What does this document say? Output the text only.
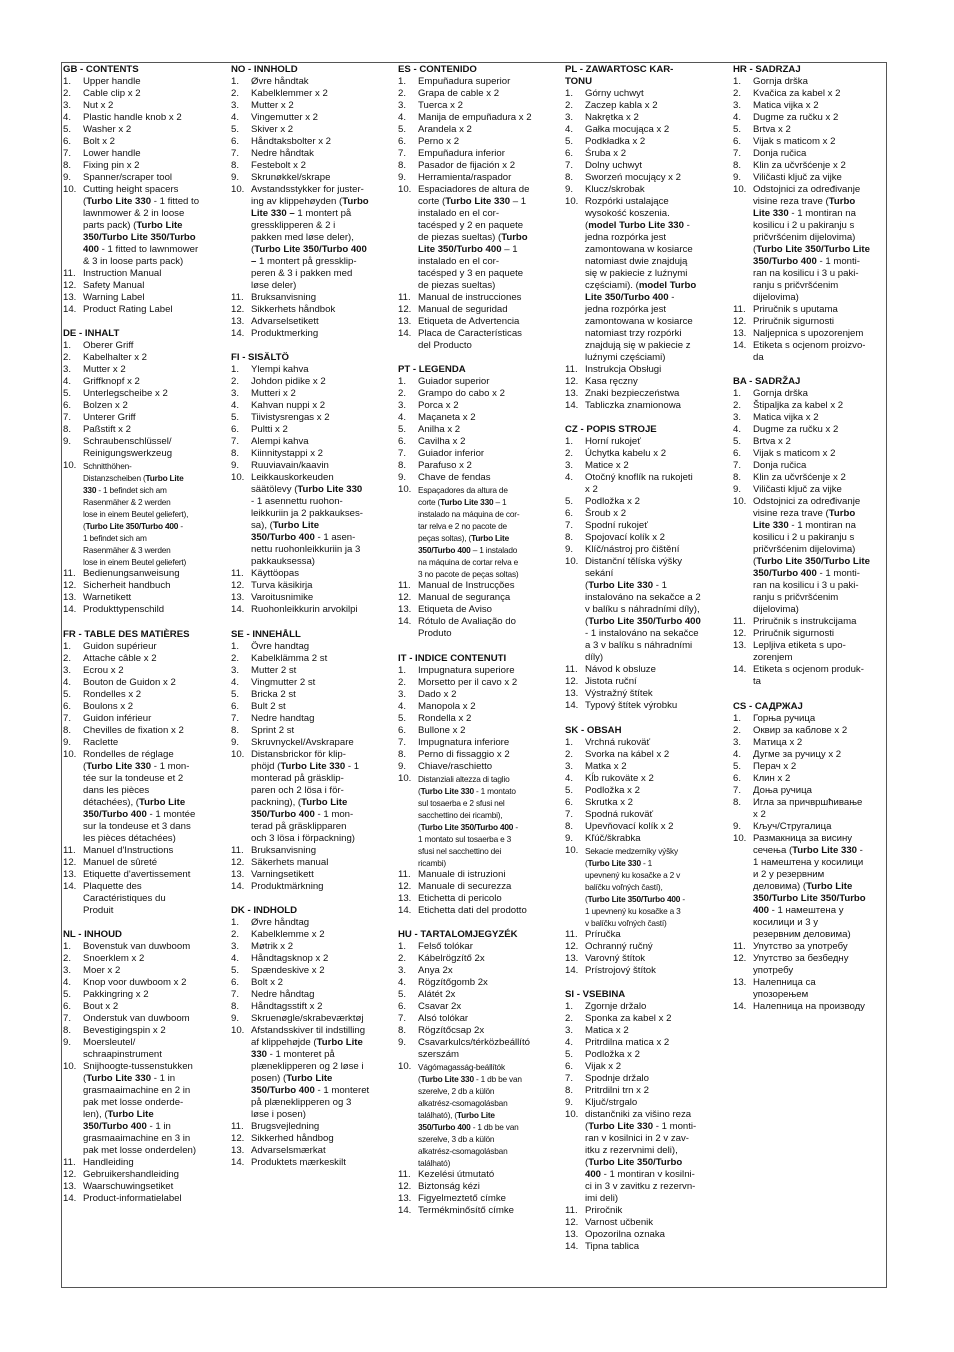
GB - CONTENTS
1.	Upper handle
2.	Cable clip x 2
3.	Nut x 2
4.	Plastic handle knob x 2
5.	Washer x 2
6.	Bolt x 2
7.	Lower handle
8.	Fixing pin x 2
9.	Spanner/scraper tool
10. Cutting height spacers
(Turbo Lite 330 - 1 fitted to
lawnmower & 2 in loose
parts pack) (Turbo Lite
350/Turbo Lite 350/Turbo
400 - 1 fitted to lawnmower
& 3 in loose parts pack)
11. Instruction Manual
12. Safety Manual
13. Warning Label
14. Product Rating Label
DE - INHALT
1.	Oberer Griff
2.	Kabelhalter x 2
3.	Mutter x 2
4.	Griffknopf x 2
5.	Unterlegscheibe x 2
6.	Bolzen x 2
7.	Unterer Griff
8.	Paßstift x 2
9.	Schraubenschlüssel/
Reinigungswerkzeug
10. Schnitthöhen-
Distanzscheiben (Turbo Lite
330 - 1 befindet sich am
Rasenmäher & 2 werden
lose in einem Beutel geliefert),
(Turbo Lite 350/Turbo 400 -
1 befindet sich am
Rasenmäher & 3 werden
lose in einem Beutel geliefert)
11. Bedienungsanweisung
12. Sicherheit handbuch
13. Warnetikett
14. Produkttypenschild
FR - TABLE DES MATIÈRES
1.	Guidon supérieur
2.	Attache câble x 2
3.	Ecrou x 2
4.	Bouton de Guidon x 2
5.	Rondelles x 2
6.	Boulons x 2
7.	Guidon inférieur
8.	Chevilles de fixation x 2
9.	Raclette
10. Rondelles de réglage
(Turbo Lite 330 - 1 mon-
tée sur la tondeuse et 2
dans les pièces
détachées), (Turbo Lite
350/Turbo 400 - 1 montée
sur la tondeuse et 3 dans
les pièces détachées)
11. Manuel d'Instructions
12. Manuel de sûreté
13. Etiquette d'avertissement
14. Plaquette des
Caractéristiques du
Produit
NL - INHOUD
1.	Bovenstuk van duwboom
2.	Snoerklem x 2
3.	Moer x 2
4.	Knop voor duwboom x 2
5.	Pakkingring x 2
6.	Bout x 2
7.	Onderstuk van duwboom
8.	Bevestigingspin x 2
9.	Moersleutel/
schraapinstrument
10. Snijhoogte-tussenstukken
(Turbo Lite 330 - 1 in
grasmaaimachine en 2 in
pak met losse onderde-
len), (Turbo Lite
350/Turbo 400 - 1 in
grasmaaimachine en 3 in
pak met losse onderdelen)
11. Handleiding
12. Gebruikershandleiding
13. Waarschuwingsetiket
14. Product-informatielabel
NO - INNHOLD
1.	Øvre håndtak
2.	Kabelklemmer x 2
3.	Mutter x 2
4.	Vingemutter x 2
5.	Skiver x 2
6.	Håndtaksbolter x 2
7.	Nedre håndtak
8.	Festebolt x 2
9.	Skrunøkkel/skrape
10. Avstandsstykker for juster-
ing av klippehøyden (Turbo
Lite 330 – 1 montert på
gressklipperen & 2 i
pakken med løse deler),
(Turbo Lite 350/Turbo 400
– 1 montert på gressklip-
peren & 3 i pakken med
løse deler)
11. Bruksanvisning
12. Sikkerhets håndbok
13. Advarselsetikett
14. Produktmerking
FI - SISÄLTÖ
1.	Ylempi kahva
2.	Johdon pidike x 2
3.	Mutteri x 2
4.	Kahvan nuppi x 2
5.	Tiivistysrengas x 2
6.	Pultti x 2
7.	Alempi kahva
8.	Kiinnitystappi x 2
9.	Ruuviavain/kaavin
10. Leikkauskorkeuden
säätölevy (Turbo Lite 330
- 1 asennettu ruohon-
leikkuriin ja 2 pakkaukses-
sa), (Turbo Lite
350/Turbo 400 - 1 asen-
nettu ruohonleikkuriin ja 3
pakkauksessa)
11. Käyttöopas
12. Turva käsikirja
13. Varoitusnimike
14. Ruohonleikkurin arvokilpi
SE - INNEHÅLL
1.	Övre handtag
2.	Kabelklämma 2 st
3.	Mutter 2 st
4.	Vingmutter 2 st
5.	Bricka 2 st
6.	Bult 2 st
7.	Nedre handtag
8.	Sprint 2 st
9.	Skruvnyckel/Avskrapare
10. Distansbrickor för klip-
phöjd (Turbo Lite 330 - 1
monterad på gräsklip-
paren och 2 lösa i för-
packning), (Turbo Lite
350/Turbo 400 - 1 mon-
terad på gräsklipparen
och 3 lösa i förpackning)
11. Bruksanvisning
12. Säkerhets manual
13. Varningsetikett
14. Produktmärkning
DK - INDHOLD
1.	Øvre håndtag
2.	Kabelklemme x 2
3.	Møtrik x 2
4.	Håndtagsknop x 2
5.	Spændeskive x 2
6.	Bolt x 2
7.	Nedre håndtag
8.	Håndtagsstift x 2
9.	Skruenøgle/skrabeværktøj
10. Afstandsskiver til indstilling
af klippehøjde (Turbo Lite
330 - 1 monteret på
plæneklipperen og 2 løse i
posen) (Turbo Lite
350/Turbo 400 - 1 monteret
på plæneklipperen og 3
løse i posen)
11. Brugsvejledning
12. Sikkerhed håndbog
13. Advarselsmærkat
14. Produktets mærkeskilt
ES - CONTENIDO
1.	Empuñadura superior
2.	Grapa de cable x 2
3.	Tuerca x 2
4.	Manija de empuñadura x 2
5.	Arandela x 2
6.	Perno x 2
7.	Empuñadura inferior
8.	Pasador de fijación x 2
9.	Herramienta/raspador
10. Espaciadores de altura de
corte (Turbo Lite 330 – 1
instalado en el cor-
tacésped y 2 en paquete
de piezas sueltas) (Turbo
Lite 350/Turbo 400 – 1
instalado en el cor-
tacésped y 3 en paquete
de piezas sueltas)
11. Manual de instrucciones
12. Manual de seguridad
13. Etiqueta de Advertencia
14. Placa de Características
del Producto
PT - LEGENDA
1.	Guiador superior
2.	Grampo do cabo x 2
3.	Porca x 2
4.	Maçaneta x 2
5.	Anilha x 2
6.	Cavilha x 2
7.	Guiador inferior
8.	Parafuso x 2
9.	Chave de fendas
10. Espaçadores da altura de
corte (Turbo Lite 330 – 1
instalado na máquina de cor-
tar relva e 2 no pacote de
peças soltas), (Turbo Lite
350/Turbo 400 – 1 instalado
na máquina de cortar relva e
3 no pacote de peças soltas)
11. Manual de Instrucções
12. Manual de segurança
13. Etiqueta de Aviso
14. Rótulo de Avaliação do
Produto
IT - INDICE CONTENUTI
1.	Impugnatura superiore
2.	Morsetto per il cavo x 2
3.	Dado x 2
4.	Manopola x 2
5.	Rondella x 2
6.	Bullone x 2
7.	Impugnatura inferiore
8.	Perno di fissaggio x 2
9.	Chiave/raschietto
10. Distanziali altezza di taglio
(Turbo Lite 330 - 1 montato
sul tosaerba e 2 sfusi nel
sacchettino dei ricambi),
(Turbo Lite 350/Turbo 400 -
1 montato sul tosaerba e 3
sfusi nel sacchettino dei
ricambi)
11. Manuale di istruzioni
12. Manuale di securezza
13. Etichetta di pericolo
14. Etichetta dati del prodotto
HU - TARTALOMJEGYZÉK
1.	Felső tolókar
2.	Kábelrögzítő 2x
3.	Anya 2x
4.	Rögzítőgomb 2x
5.	Alátét 2x
6.	Csavar 2x
7.	Alsó tolókar
8.	Rögzítőcsap 2x
9.	Csavarkulcs/térközbeállító
szerszám
10. Vágómagasság-beállítók
(Turbo Lite 330 - 1 db be van
szerelve, 2 db a külön
alkatrész-csomagolásban
található), (Turbo Lite
350/Turbo 400 - 1 db be van
szerelve, 3 db a külön
alkatrész-csomagolásban
található)
11. Kezelési útmutató
12. Biztonság kézi
13. Figyelmeztető címke
14. Termékminősítő címke
PL - ZAWARTOSC KAR-
TONU
1.	Górny uchwyt
2.	Zaczep kabla x 2
3.	Nakrętka x 2
4.	Gałka mocująca x 2
5.	Podkładka x 2
6.	Śruba x 2
7.	Dolny uchwyt
8.	Sworzeń mocujący x 2
9.	Klucz/skrobak
10. Rozpórki ustalające
wysokość koszenia.
(model Turbo Lite 330 -
jedna rozpórka jest
zamontowana w kosiarce
natomiast dwie znajdują
się w pakiecie z luźnymi
częściami). (model Turbo
Lite 350/Turbo 400 -
jedna rozpórka jest
zamontowana w kosiarce
natomiast trzy rozpórki
znajdują się w pakiecie z
luźnymi częściami)
11. Instrukcja Obsługi
12. Kasa ręczny
13. Znaki bezpieczeństwa
14. Tabliczka znamionowa
CZ - POPIS STROJE
1.	Horní rukojeť
2.	Úchytka kabelu x 2
3.	Matice x 2
4.	Otočný knoflík na rukojeti
x 2
5.	Podložka x 2
6.	Šroub x 2
7.	Spodní rukojeť
8.	Spojovací kolík x 2
9.	Klíč/nástroj pro čištění
10. Distanční tělíska výšky
sekání
(Turbo Lite 330 - 1
instalováno na sekačce a 2
v balíku s náhradními díly),
(Turbo Lite 350/Turbo 400
- 1 instalováno na sekačce
a 3 v balíku s náhradními
díly)
11. Návod k obsluze
12. Jistota ruční
13. Výstražný štítek
14. Typový štítek výrobku
SK - OBSAH
1.	Vrchná rukoväť
2.	Svorka na kábel x 2
3.	Matka x 2
4.	Kĺb rukoväte x 2
5.	Podložka x 2
6.	Skrutka x 2
7.	Spodná rukoväť
8.	Upevňovací kolík x 2
9.	Kľúč/škrabka
10. Sekacie medzerníky výšky
(Turbo Lite 330 - 1
upevnený ku kosačke a 2 v
balíčku voľných častí),
(Turbo Lite 350/Turbo 400 -
1 upevnený ku kosačke a 3
v balíčku voľných častí)
11. Príručka
12. Ochranný ručný
13. Varovný štítok
14. Prístrojový štítok
SI - VSEBINA
1.	Zgornje držalo
2.	Sponka za kabel x 2
3.	Matica x 2
4.	Pritrdilna matica x 2
5.	Podložka x 2
6.	Vijak x 2
7.	Spodnje držalo
8.	Pritrdilni trn x 2
9.	Ključ/strgalo
10. distančniki za višino reza
(Turbo Lite 330 - 1 monti-
ran v kosilnici in 2 v zav-
itku z rezervnimi deli),
(Turbo Lite 350/Turbo
400 - 1 montiran v kosilni-
ci in 3 v zavitku z rezervn-
imi deli)
11. Priročnik
12. Varnost učbenik
13. Opozorilna oznaka
14. Tipna tablica
HR - SADRZAJ
1.	Gornja drška
2.	Kvačica za kabel x 2
3.	Matica vijka x 2
4.	Dugme za ručku x 2
5.	Brtva x 2
6.	Vijak s maticom x 2
7.	Donja ručica
8.	Klin za učvršćenje x 2
9.	Viličasti ključ za vijke
10. Odstojnici za određivanje
visine reza trave (Turbo
Lite 330 - 1 montiran na
kosilicu i 2 u pakiranju s
pričvršćenim dijelovima)
(Turbo Lite 350/Turbo Lite
350/Turbo 400 - 1 monti-
ran na kosilicu i 3 u paki-
ranju s pričvršćenim
dijelovima)
11. Priručnik s uputama
12. Priručnik sigurnosti
13. Naljepnica s upozorenjem
14. Etiketa s ocjenom proizvo-
da
BA - SADRŽAJ
1.	Gornja drška
2.	Štipaljka za kabel x 2
3.	Matica vijka x 2
4.	Dugme za ručku x 2
5.	Brtva x 2
6.	Vijak s maticom x 2
7.	Donja ručica
8.	Klin za učvršćenje x 2
9.	Viličasti ključ za vijke
10. Odstojnici za određivanje
visine reza trave (Turbo
Lite 330 - 1 montiran na
kosilicu i 2 u pakiranju s
pričvršćenim dijelovima)
(Turbo Lite 350/Turbo Lite
350/Turbo 400 - 1 monti-
ran na kosilicu i 3 u paki-
ranju s pričvršćenim
dijelovima)
11. Priručnik s instrukcijama
12. Priručnik sigurnosti
13. Lepljiva etiketa s upo-
zorenjem
14. Etiketa s ocjenom produk-
ta
CS - САДРЖАЈ
1.	Горња ручица
2.	Оквир за каблове x 2
3.	Матица x 2
4.	Дугме за ручицу x 2
5.	Перач x 2
6.	Клин x 2
7.	Доња ручица
8.	Игла за причвршћивање
x 2
9.	Кључ/Стругалица
10. Размакница за висину
сечења (Turbo Lite 330 -
1 намештена у косилици
и 2 у резервним
деловима) (Turbo Lite
350/Turbo Lite 350/Turbo
400 - 1 намештена у
косилици и 3 у
резервним деловима)
11. Упутство за употребу
12. Упутство за безбедну
употребу
13. Налепница са
упозорењем
14. Налепница на производу
